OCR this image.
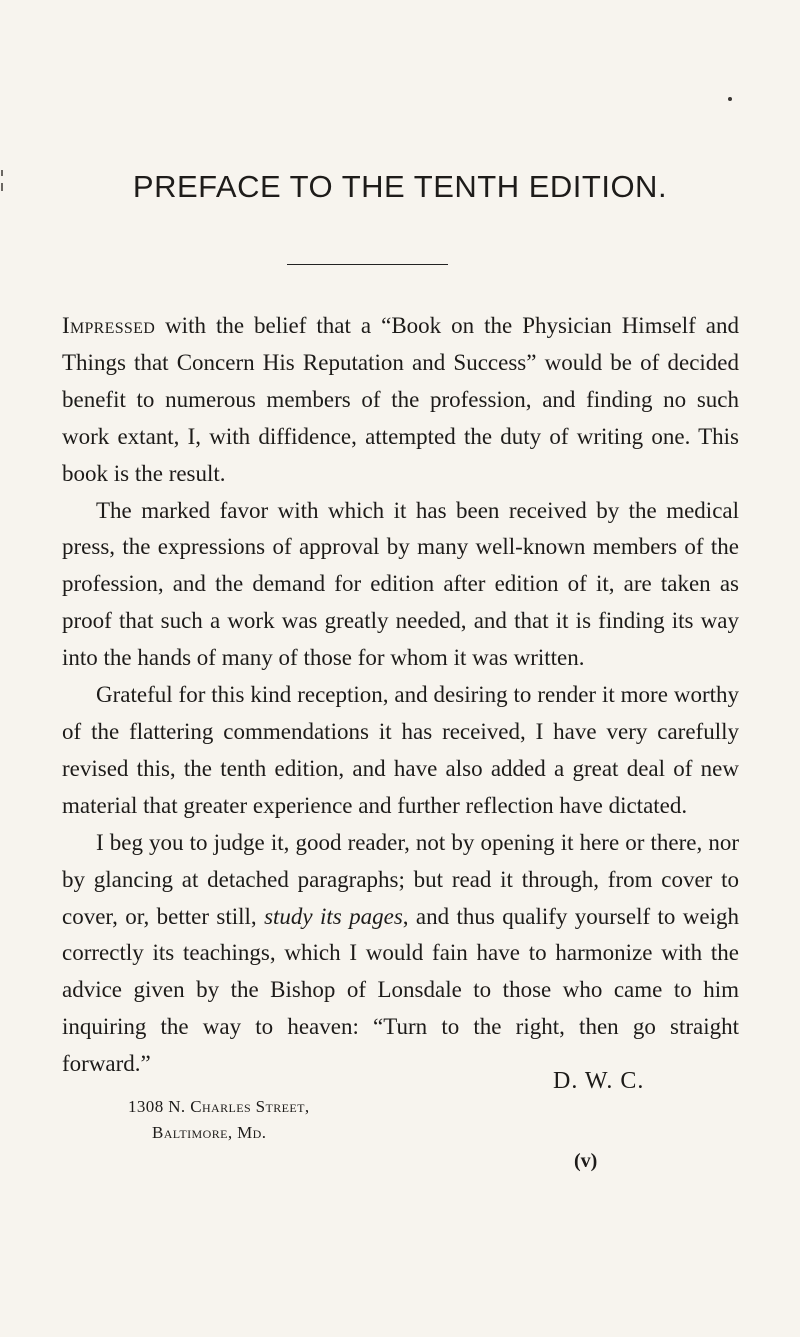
PREFACE TO THE TENTH EDITION.

Impressed with the belief that a “Book on the Physician Himself and Things that Concern His Reputation and Success” would be of decided benefit to numerous members of the profession, and finding no such work extant, I, with diffidence, attempted the duty of writing one. This book is the result.

The marked favor with which it has been received by the medical press, the expressions of approval by many well-known members of the profession, and the demand for edition after edition of it, are taken as proof that such a work was greatly needed, and that it is finding its way into the hands of many of those for whom it was written.

Grateful for this kind reception, and desiring to render it more worthy of the flattering commendations it has received, I have very carefully revised this, the tenth edition, and have also added a great deal of new material that greater experience and further reflection have dictated.

I beg you to judge it, good reader, not by opening it here or there, nor by glancing at detached paragraphs; but read it through, from cover to cover, or, better still, study its pages, and thus qualify yourself to weigh correctly its teachings, which I would fain have to harmonize with the advice given by the Bishop of Lonsdale to those who came to him inquiring the way to heaven: “Turn to the right, then go straight forward.”

D. W. C.
1308 N. Charles Street,
Baltimore, Md.
(v)
